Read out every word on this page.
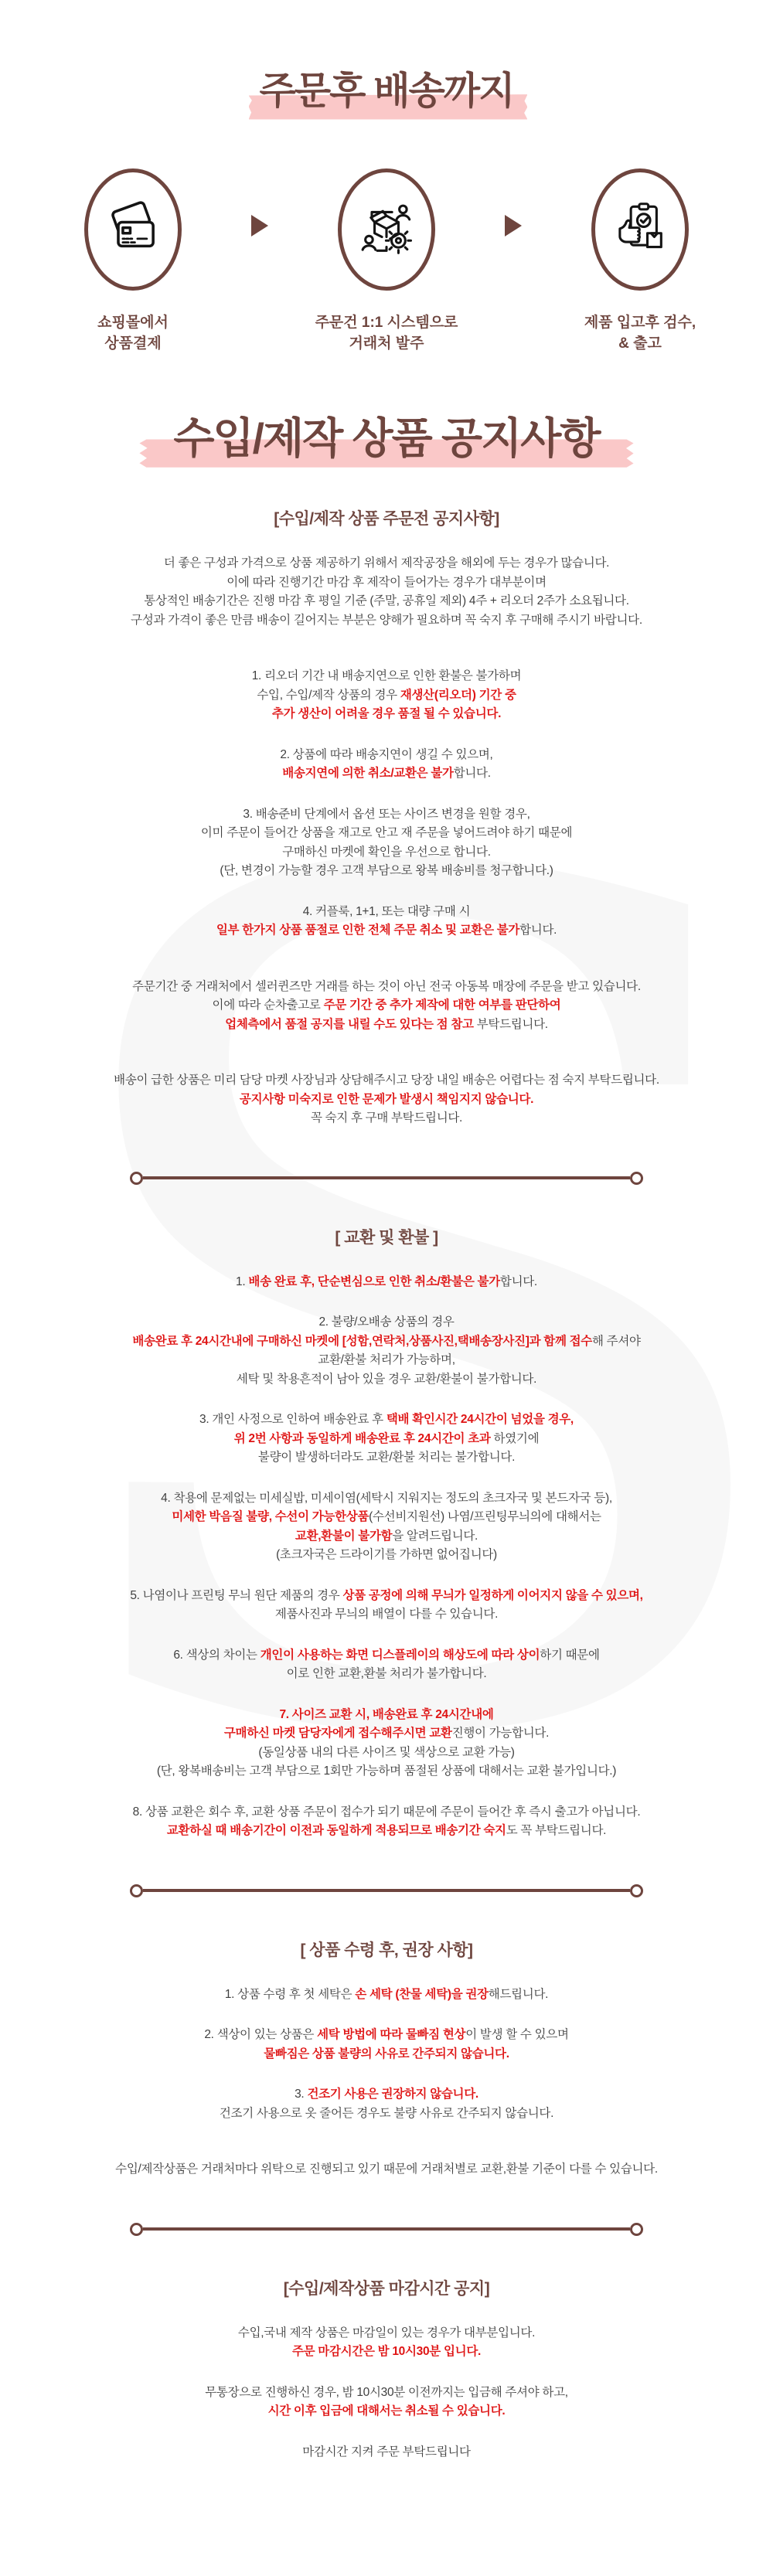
주문후 배송까지
쇼핑몰에서
상품결제
주문건 1:1 시스템으로
거래처 발주
제품 입고후 검수,
& 출고
수입/제작 상품 공지사항
[수입/제작 상품 주문전 공지사항]
더 좋은 구성과 가격으로 상품 제공하기 위해서 제작공장을 해외에 두는 경우가 많습니다.
이에 따라 진행기간 마감 후 제작이 들어가는 경우가 대부분이며
통상적인 배송기간은 진행 마감 후 평일 기준 (주말, 공휴일 제외) 4주 + 리오더 2주가 소요됩니다.
구성과 가격이 좋은 만큼 배송이 길어지는 부분은 양해가 필요하며 꼭 숙지 후 구매해 주시기 바랍니다.
1. 리오더 기간 내 배송지연으로 인한 환불은 불가하며
수입, 수입/제작 상품의 경우 재생산(리오더) 기간 중
추가 생산이 어려울 경우 품절 될 수 있습니다.
2. 상품에 따라 배송지연이 생길 수 있으며,
배송지연에 의한 취소/교환은 불가합니다.
3. 배송준비 단계에서 옵션 또는 사이즈 변경을 원할 경우,
이미 주문이 들어간 상품을 재고로 안고 재 주문을 넣어드려야 하기 때문에
구매하신 마켓에 확인을 우선으로 합니다.
(단, 변경이 가능할 경우 고객 부담으로 왕복 배송비를 청구합니다.)
4. 커플룩, 1+1, 또는 대량 구매 시
일부 한가지 상품 품절로 인한 전체 주문 취소 및 교환은 불가합니다.
주문기간 중 거래처에서 셀러퀸즈만 거래를 하는 것이 아닌 전국 아동복 매장에 주문을 받고 있습니다.
이에 따라 순차출고로 주문 기간 중 추가 제작에 대한 여부를 판단하여
업체측에서 품절 공지를 내릴 수도 있다는 점 참고 부탁드립니다.
배송이 급한 상품은 미리 담당 마켓 사장님과 상담해주시고 당장 내일 배송은 어렵다는 점 숙지 부탁드립니다.
공지사항 미숙지로 인한 문제가 발생시 책임지지 않습니다.
꼭 숙지 후 구매 부탁드립니다.
[ 교환 및 환불 ]
1. 배송 완료 후, 단순변심으로 인한 취소/환불은 불가합니다.
2. 불량/오배송 상품의 경우
배송완료 후 24시간내에 구매하신 마켓에 [성함,연락처,상품사진,택배송장사진]과 함께 접수해 주셔야
교환/환불 처리가 가능하며,
세탁 및 착용흔적이 남아 있을 경우 교환/환불이 불가합니다.
3. 개인 사정으로 인하여 배송완료 후 택배 확인시간 24시간이 넘었을 경우,
위 2번 사항과 동일하게 배송완료 후 24시간이 초과 하였기에
불량이 발생하더라도 교환/환불 처리는 불가합니다.
4. 착용에 문제없는 미세실밥, 미세이염(세탁시 지워지는 정도의 초크자국 및 본드자국 등),
미세한 박음질 불량, 수선이 가능한상품(수선비지원선) 나염/프린팅무늬의에 대해서는
교환,환불이 불가함을 알려드립니다.
(초크자국은 드라이기를 가하면 없어집니다)
5. 나염이나 프린팅 무늬 원단 제품의 경우 상품 공정에 의해 무늬가 일정하게 이어지지 않을 수 있으며,
제품사진과 무늬의 배열이 다를 수 있습니다.
6. 색상의 차이는 개인이 사용하는 화면 디스플레이의 해상도에 따라 상이하기 때문에
이로 인한 교환,환불 처리가 불가합니다.
7. 사이즈 교환 시, 배송완료 후 24시간내에
구매하신 마켓 담당자에게 접수해주시면 교환진행이 가능합니다.
(동일상품 내의 다른 사이즈 및 색상으로 교환 가능)
(단, 왕복배송비는 고객 부담으로 1회만 가능하며 품절된 상품에 대해서는 교환 불가입니다.)
8. 상품 교환은 회수 후, 교환 상품 주문이 접수가 되기 때문에 주문이 들어간 후 즉시 출고가 아닙니다.
교환하실 때 배송기간이 이전과 동일하게 적용되므로 배송기간 숙지도 꼭 부탁드립니다.
[ 상품 수령 후, 권장 사항]
1. 상품 수령 후 첫 세탁은 손 세탁 (찬물 세탁)을 권장해드립니다.
2. 색상이 있는 상품은 세탁 방법에 따라 물빠짐 현상이 발생 할 수 있으며
물빠짐은 상품 불량의 사유로 간주되지 않습니다.
3. 건조기 사용은 권장하지 않습니다.
건조기 사용으로 옷 줄어든 경우도 불량 사유로 간주되지 않습니다.
수입/제작상품은 거래처마다 위탁으로 진행되고 있기 때문에 거래처별로 교환,환불 기준이 다를 수 있습니다.
[수입/제작상품 마감시간 공지]
수입,국내 제작 상품은 마감일이 있는 경우가 대부분입니다.
주문 마감시간은 밤 10시30분 입니다.
무통장으로 진행하신 경우, 밤 10시30분 이전까지는 입금해 주셔야 하고,
시간 이후 입금에 대해서는 취소될 수 있습니다.
마감시간 지켜 주문 부탁드립니다
